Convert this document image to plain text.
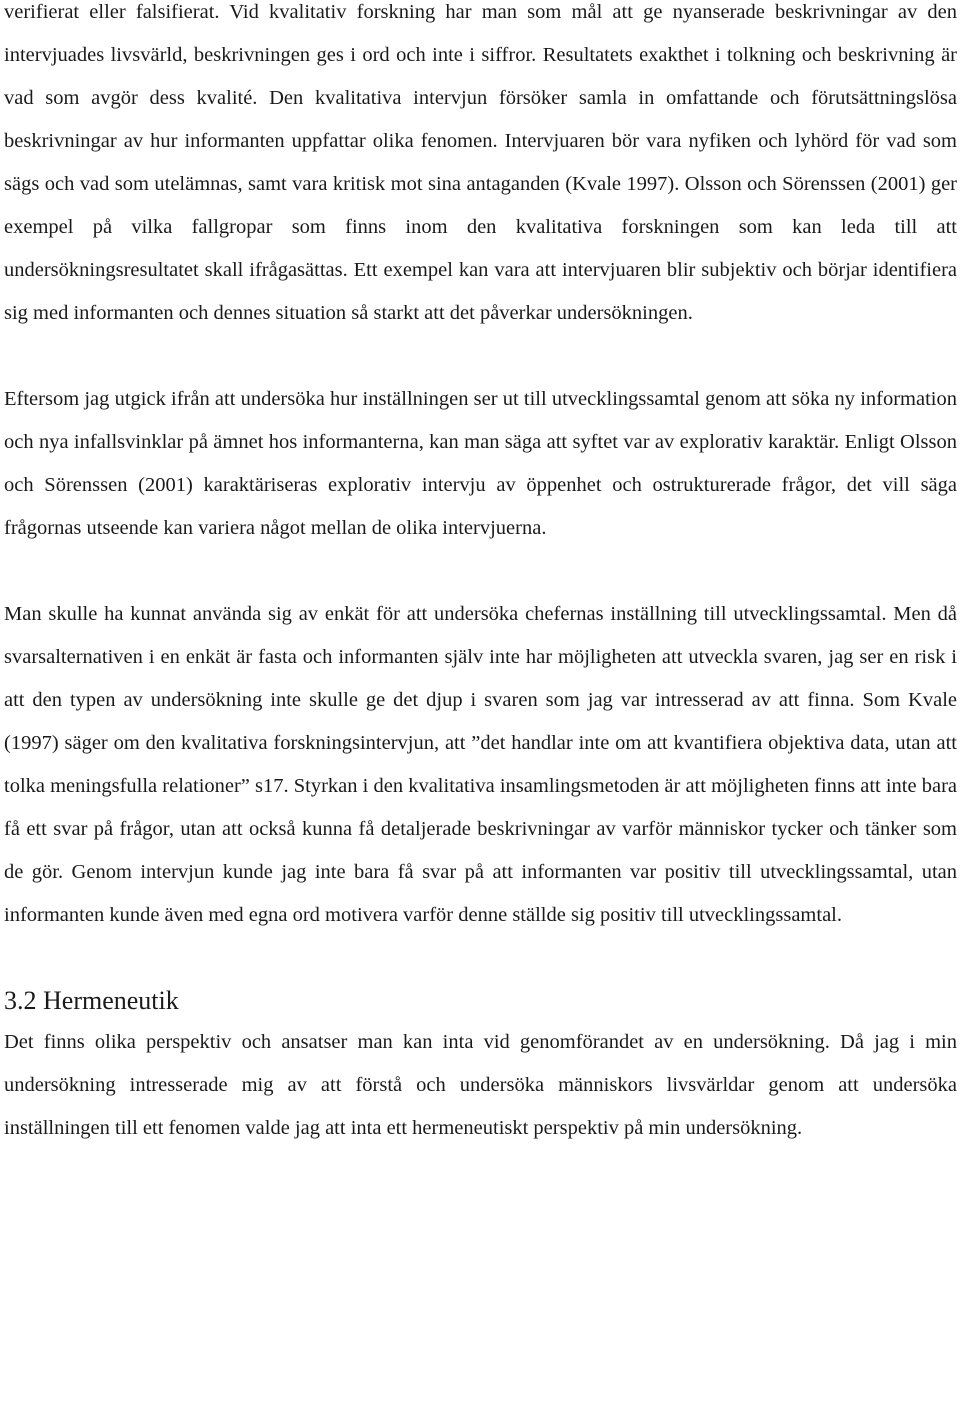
verifierat eller falsifierat. Vid kvalitativ forskning har man som mål att ge nyanserade beskrivningar av den intervjuades livsvärld, beskrivningen ges i ord och inte i siffror. Resultatets exakthet i tolkning och beskrivning är vad som avgör dess kvalité. Den kvalitativa intervjun försöker samla in omfattande och förutsättningslösa beskrivningar av hur informanten uppfattar olika fenomen. Intervjuaren bör vara nyfiken och lyhörd för vad som sägs och vad som utelämnas, samt vara kritisk mot sina antaganden (Kvale 1997). Olsson och Sörenssen (2001) ger exempel på vilka fallgropar som finns inom den kvalitativa forskningen som kan leda till att undersökningsresultatet skall ifrågasättas. Ett exempel kan vara att intervjuaren blir subjektiv och börjar identifiera sig med informanten och dennes situation så starkt att det påverkar undersökningen.

Eftersom jag utgick ifrån att undersöka hur inställningen ser ut till utvecklingssamtal genom att söka ny information och nya infallsvinklar på ämnet hos informanterna, kan man säga att syftet var av explorativ karaktär. Enligt Olsson och Sörenssen (2001) karaktäriseras explorativ intervju av öppenhet och ostrukturerade frågor, det vill säga frågornas utseende kan variera något mellan de olika intervjuerna.

Man skulle ha kunnat använda sig av enkät för att undersöka chefernas inställning till utvecklingssamtal. Men då svarsalternativen i en enkät är fasta och informanten själv inte har möjligheten att utveckla svaren, jag ser en risk i att den typen av undersökning inte skulle ge det djup i svaren som jag var intresserad av att finna. Som Kvale (1997) säger om den kvalitativa forskningsintervjun, att ”det handlar inte om att kvantifiera objektiva data, utan att tolka meningsfulla relationer” s17. Styrkan i den kvalitativa insamlingsmetoden är att möjligheten finns att inte bara få ett svar på frågor, utan att också kunna få detaljerade beskrivningar av varför människor tycker och tänker som de gör. Genom intervjun kunde jag inte bara få svar på att informanten var positiv till utvecklingssamtal, utan informanten kunde även med egna ord motivera varför denne ställde sig positiv till utvecklingssamtal.

3.2 Hermeneutik

Det finns olika perspektiv och ansatser man kan inta vid genomförandet av en undersökning. Då jag i min undersökning intresserade mig av att förstå och undersöka människors livsvärldar genom att undersöka inställningen till ett fenomen valde jag att inta ett hermeneutiskt perspektiv på min undersökning.
